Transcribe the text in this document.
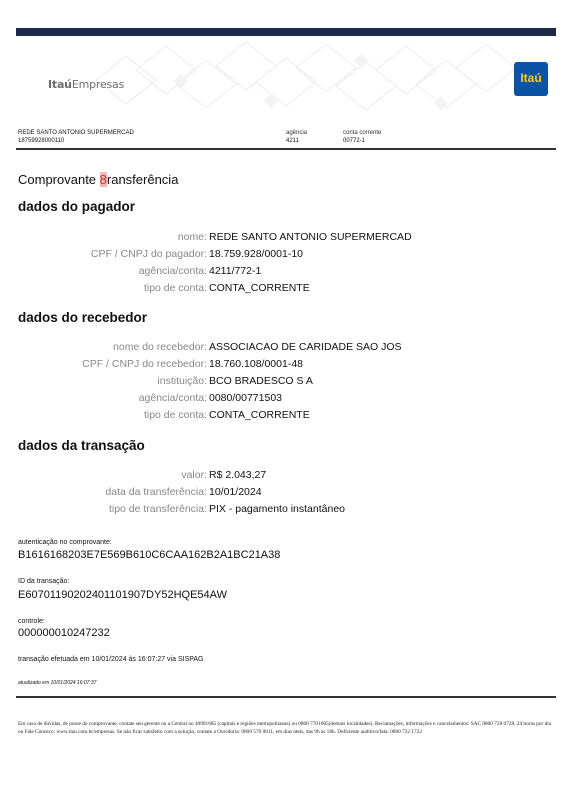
ItaúEmpresas	Itaú
REDE SANTO ANTONIO SUPERMERCAD
18759928000110
agência
4211
conta corrente
00772-1
Comprovante 8ransferência
dados do pagador
nome: REDE SANTO ANTONIO SUPERMERCAD
CPF / CNPJ do pagador: 18.759.928/0001-10
agência/conta: 4211/772-1
tipo de conta: CONTA_CORRENTE
dados do recebedor
nome do recebedor: ASSOCIACAO DE CARIDADE SAO JOS
CPF / CNPJ do recebedor: 18.760.108/0001-48
instituição: BCO BRADESCO S A
agência/conta: 0080/00771503
tipo de conta: CONTA_CORRENTE
dados da transação
valor: R$ 2.043,27
data da transferência: 10/01/2024
tipo de transferência: PIX - pagamento instantâneo
autenticação no comprovante:
B1616168203E7E569B610C6CAA162B2A1BC21A38
ID da transação:
E60701190202401101907DY52HQE54AW
controle:
000000010247232
transação efetuada em 10/01/2024 às 16:07:27 via SISPAG
atualizado em 10/01/2024 16:07:37
Em caso de dúvidas, de posse do comprovante, contate seu gerente ou a Central no 40901685 (capitais e regiões metropolitanas) ou 0800 7701685(demais localidades). Reclamações, informações e cancelamentos: SAC 0800 728 0728, 24 horas por dia ou Fale Conosco: www.itau.com.br/empresas. Se não ficar satisfeito com a solução, contate a Ouvidoria: 0800 570 0011, em dias úteis, das 9h às 18h. Deficiente auditivo/fala: 0800 722 1722
